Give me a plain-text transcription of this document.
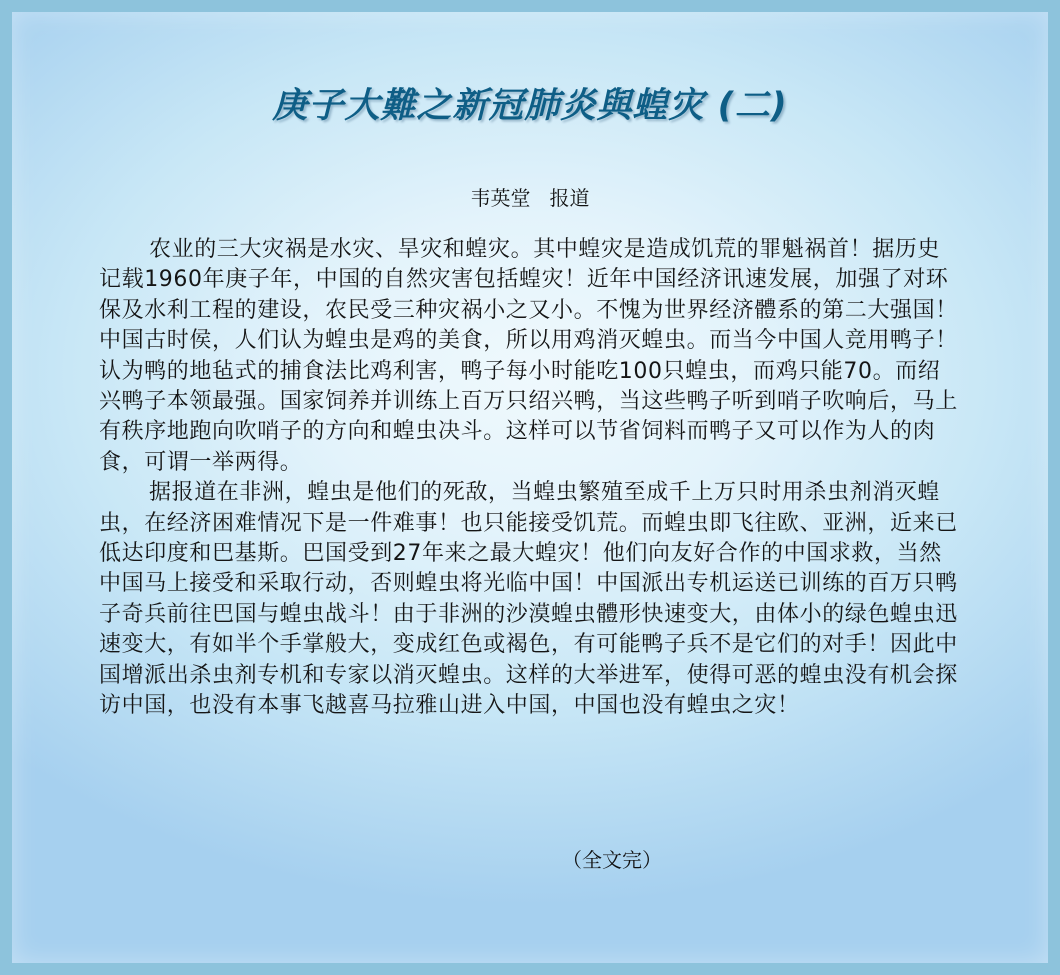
庚子大難之新冠肺炎與蝗灾 (二)
韦英堂   报道

农业的三大灾祸是水灾、旱灾和蝗灾。其中蝗灾是造成饥荒的罪魁祸首！据历史记载1960年庚子年，中国的自然灾害包括蝗灾！近年中国经济讯速发展，加强了对环保及水利工程的建设，农民受三种灾祸小之又小。不愧为世界经济體系的第二大强国！中国古时侯，人们认为蝗虫是鸡的美食，所以用鸡消灭蝗虫。而当今中国人竞用鸭子！认为鸭的地毡式的捕食法比鸡利害，鸭子每小时能吃100只蝗虫，而鸡只能70。而绍兴鸭子本领最强。国家饲养并训练上百万只绍兴鸭，当这些鸭子听到哨子吹响后，马上有秩序地跑向吹哨子的方向和蝗虫决斗。这样可以节省饲料而鸭子又可以作为人的肉食，可谓一举两得。

据报道在非洲，蝗虫是他们的死敌，当蝗虫繁殖至成千上万只时用杀虫剂消灭蝗虫，在经济困难情况下是一件难事！也只能接受饥荒。而蝗虫即飞往欧、亚洲，近来已低达印度和巴基斯。巴国受到27年来之最大蝗灾！他们向友好合作的中国求救，当然中国马上接受和采取行动，否则蝗虫将光临中国！中国派出专机运送已训练的百万只鸭子奇兵前往巴国与蝗虫战斗！由于非洲的沙漠蝗虫體形快速变大，由体小的绿色蝗虫迅速变大，有如半个手掌般大，变成红色或褐色，有可能鸭子兵不是它们的对手！因此中国增派出杀虫剂专机和专家以消灭蝗虫。这样的大举进军，使得可恶的蝗虫没有机会探访中国，也没有本事飞越喜马拉雅山进入中国，中国也没有蝗虫之灾！

（全文完）
